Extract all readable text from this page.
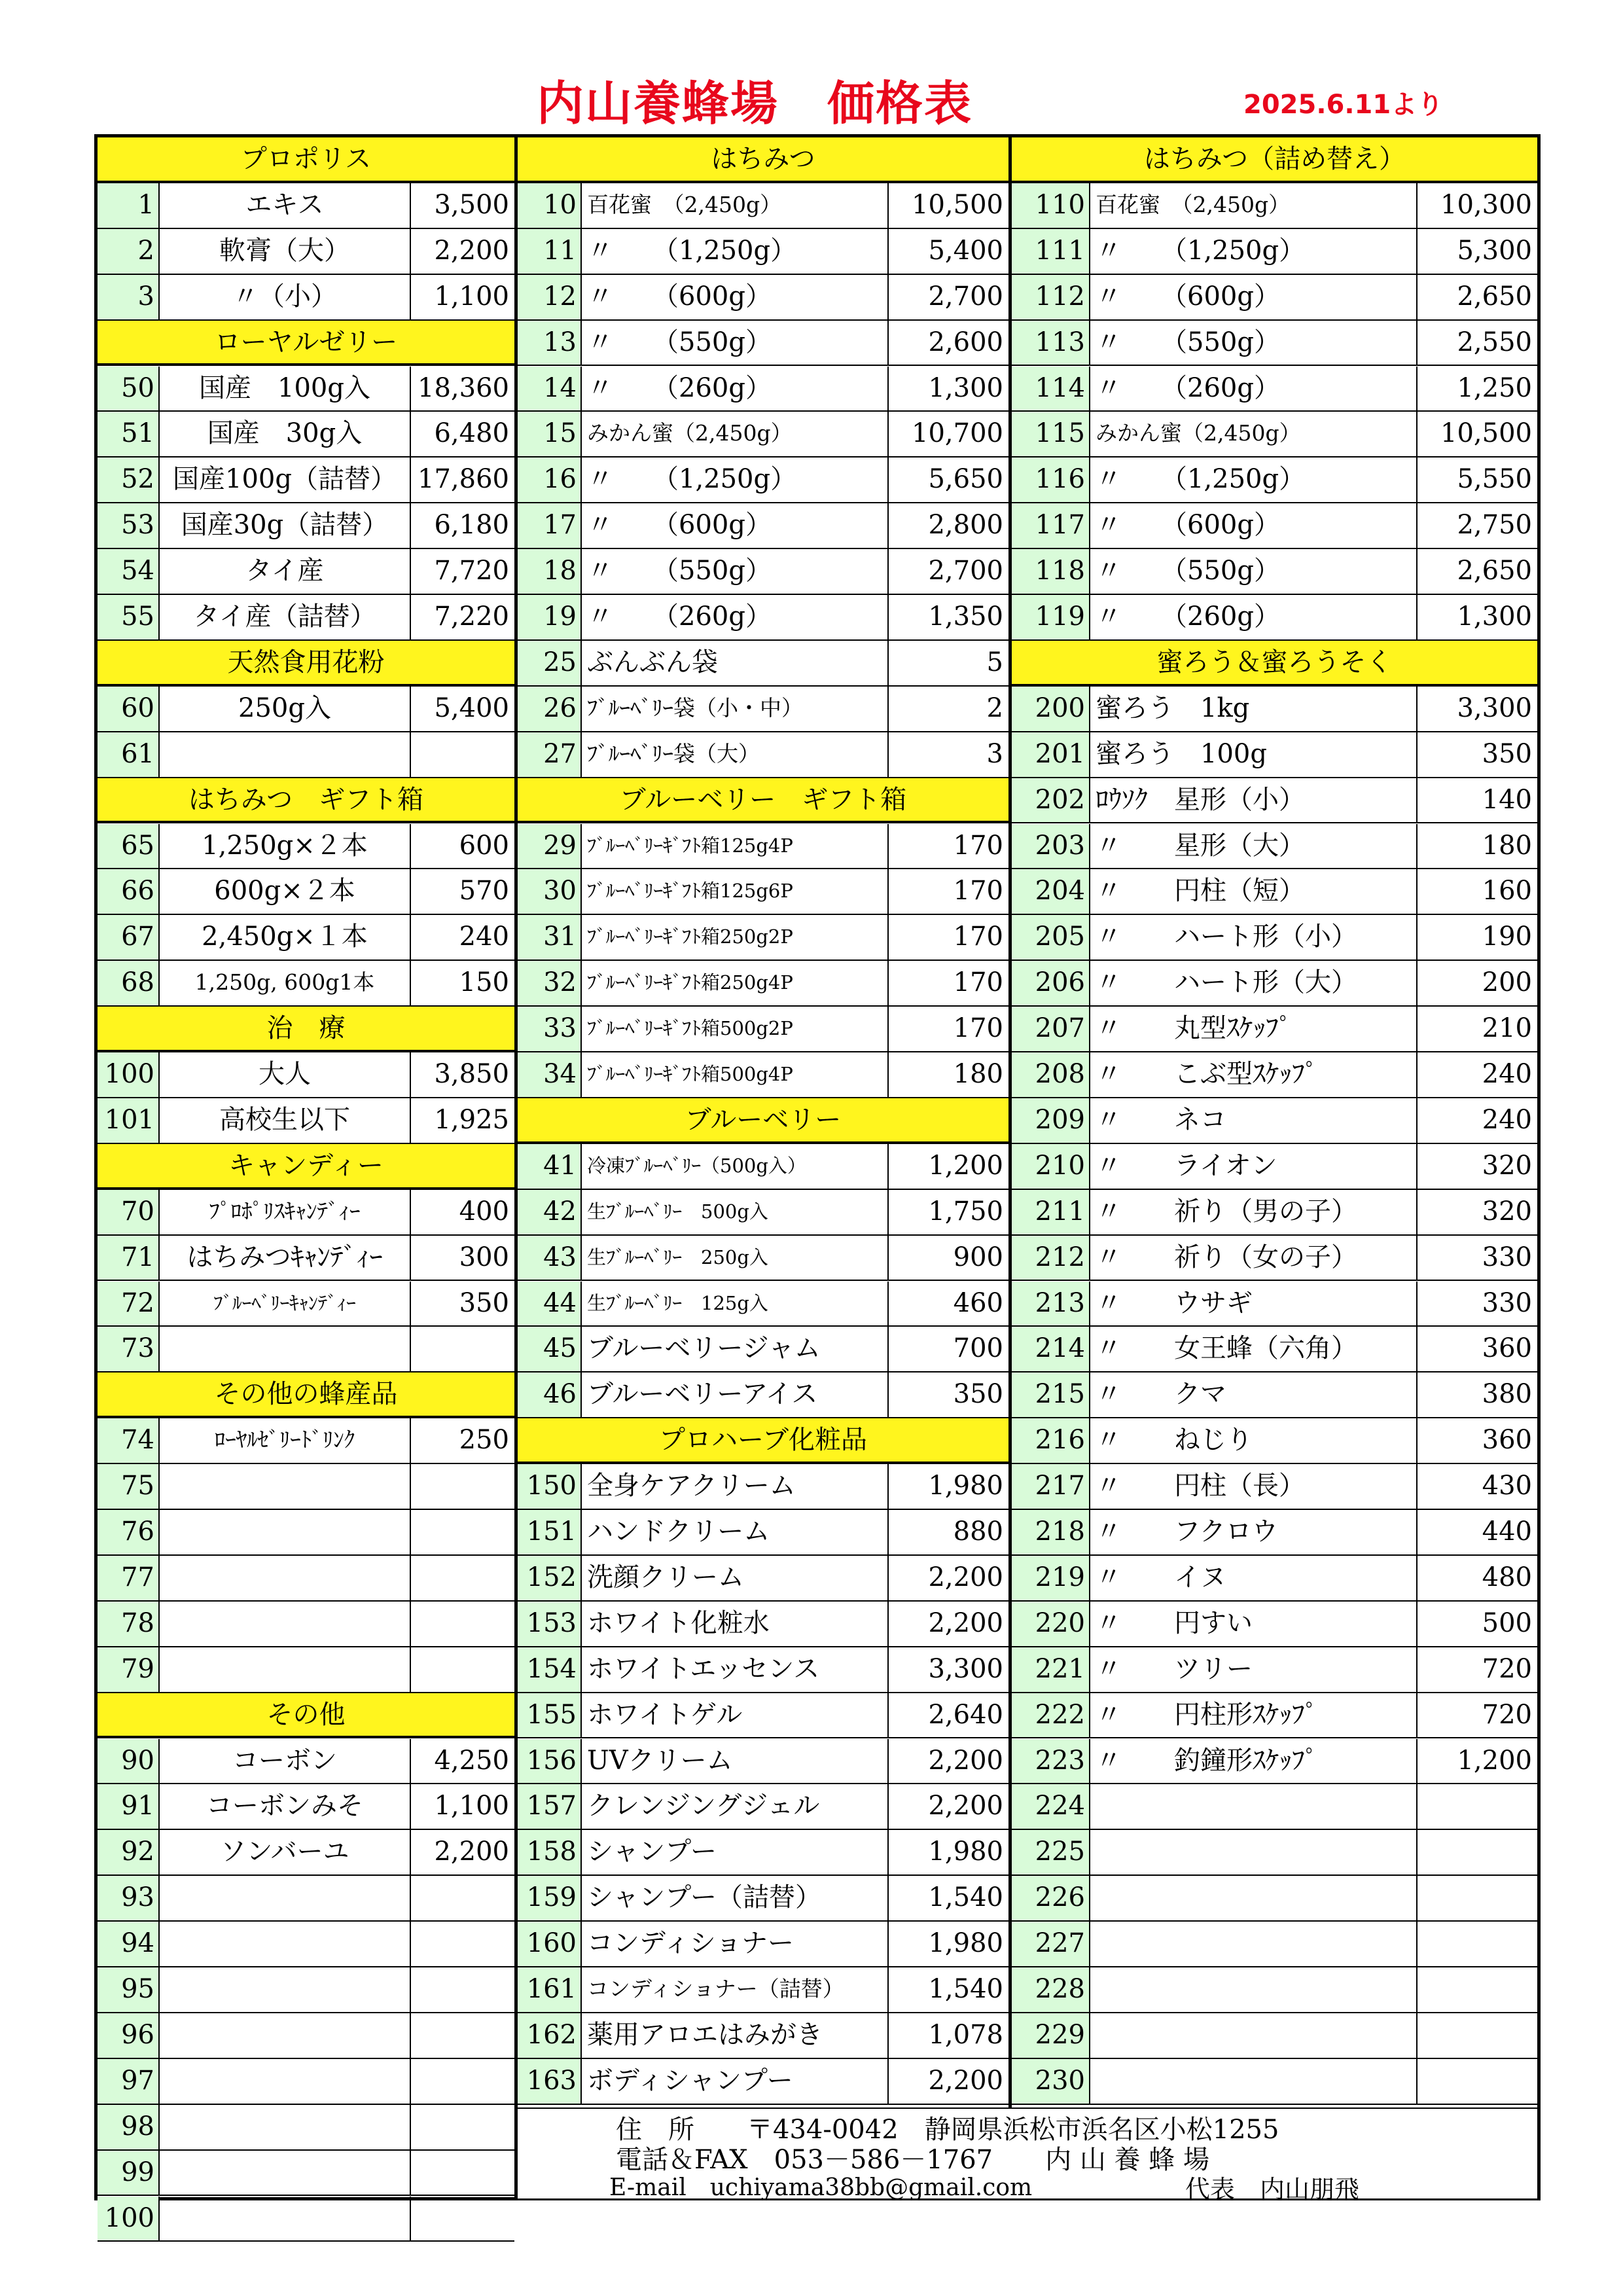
内山養蜂場　価格表	2025.6.11より
プロポリス
1	エキス	3,500
2	軟膏（大）	2,200
3	〃（小）	1,100
ローヤルゼリー
50	国産　100g入	18,360
51	国産　30g入	6,480
52 国産100g（詰替） 17,860
53	国産30g（詰替）	6,180
54	タイ産	7,720
55	タイ産（詰替）	7,220
天然食用花粉
60	250g入	5,400
61
はちみつ　ギフト箱
65	1,250g×２本	600
66	600g×２本	570
67	2,450g×１本	240
68	1,250g, 600g1本	150
治　療
100	大人	3,850
101	高校生以下	1,925
キャンディー
70	ﾌﾟﾛﾎﾟﾘｽｷｬﾝﾃﾞｨｰ	400
71	はちみつｷｬﾝﾃﾞｨｰ	300
72	ﾌﾞﾙｰﾍﾞﾘｰｷｬﾝﾃﾞｨｰ	350
73
その他の蜂産品
74	ﾛｰﾔﾙｾﾞﾘｰﾄﾞﾘﾝｸ	250
75
76
77
78
79
その他
90	コーボン	4,250
91	コーボンみそ	1,100
92	ソンバーユ	2,200
93
94
95
96
97
98
99
100
はちみつ
10 百花蜜　（2,450g）	10,500
11 〃　　（1,250g）	5,400
12 〃　　（600g）	2,700
13 〃　　（550g）	2,600
14 〃　　（260g）	1,300
15 みかん蜜（2,450g）	10,700
16 〃　　（1,250g）	5,650
17 〃　　（600g）	2,800
18 〃　　（550g）	2,700
19 〃　　（260g）	1,350
25 ぶんぶん袋	5
26 ﾌﾞﾙｰﾍﾞﾘｰ袋（小・中）	2
27 ﾌﾞﾙｰﾍﾞﾘｰ袋（大）	3
ブルーベリー　ギフト箱
29 ﾌﾞﾙｰﾍﾞﾘｰｷﾞﾌﾄ箱125g4P	170
30 ﾌﾞﾙｰﾍﾞﾘｰｷﾞﾌﾄ箱125g6P	170
31 ﾌﾞﾙｰﾍﾞﾘｰｷﾞﾌﾄ箱250g2P	170
32 ﾌﾞﾙｰﾍﾞﾘｰｷﾞﾌﾄ箱250g4P	170
33 ﾌﾞﾙｰﾍﾞﾘｰｷﾞﾌﾄ箱500g2P	170
34 ﾌﾞﾙｰﾍﾞﾘｰｷﾞﾌﾄ箱500g4P	180
ブルーベリー
41 冷凍ﾌﾞﾙｰﾍﾞﾘｰ（500g入）	1,200
42 生ﾌﾞﾙｰﾍﾞﾘｰ　500g入	1,750
43 生ﾌﾞﾙｰﾍﾞﾘｰ　250g入	900
44 生ﾌﾞﾙｰﾍﾞﾘｰ　125g入	460
45 ブルーベリージャム	700
46 ブルーベリーアイス	350
プロハーブ化粧品
150 全身ケアクリーム	1,980
151 ハンドクリーム	880
152 洗顔クリーム	2,200
153 ホワイト化粧水	2,200
154 ホワイトエッセンス	3,300
155 ホワイトゲル	2,640
156 UVクリーム	2,200
157 クレンジングジェル	2,200
158 シャンプー	1,980
159 シャンプー（詰替）	1,540
160 コンディショナー	1,980
161 コンディショナー（詰替）	1,540
162 薬用アロエはみがき	1,078
163 ボディシャンプー	2,200
はちみつ（詰め替え）
110 百花蜜　（2,450g）	10,300
111 〃　　（1,250g）	5,300
112 〃　　（600g）	2,650
113 〃　　（550g）	2,550
114 〃　　（260g）	1,250
115 みかん蜜（2,450g）	10,500
116 〃　　（1,250g）	5,550
117 〃　　（600g）	2,750
118 〃　　（550g）	2,650
119 〃　　（260g）	1,300
蜜ろう＆蜜ろうそく
200 蜜ろう　1kg	3,300
201 蜜ろう　100g	350
202 ﾛｳｿｸ　星形（小）	140
203 〃　　星形（大）	180
204 〃　　円柱（短）	160
205 〃　　ハート形（小）	190
206 〃　　ハート形（大）	200
207 〃　　丸型ｽｹｯﾌﾟ	210
208 〃　　こぶ型ｽｹｯﾌﾟ	240
209 〃　　ネコ	240
210 〃　　ライオン	320
211 〃　　祈り（男の子）	320
212 〃　　祈り（女の子）	330
213 〃　　ウサギ	330
214 〃　　女王蜂（六角）	360
215 〃　　クマ	380
216 〃　　ねじり	360
217 〃　　円柱（長）	430
218 〃　　フクロウ	440
219 〃　　イヌ	480
220 〃　　円すい	500
221 〃　　ツリー	720
222 〃　　円柱形ｽｹｯﾌﾟ	720
223 〃　　釣鐘形ｽｹｯﾌﾟ	1,200
224
225
226
227
228
229
230
住　所　　〒434-0042　静岡県浜松市浜名区小松1255
電話＆FAX　053－586－1767　　内 山 養 蜂 場
E-mail　uchiyama38bb@gmail.com	代表　内山朋飛
